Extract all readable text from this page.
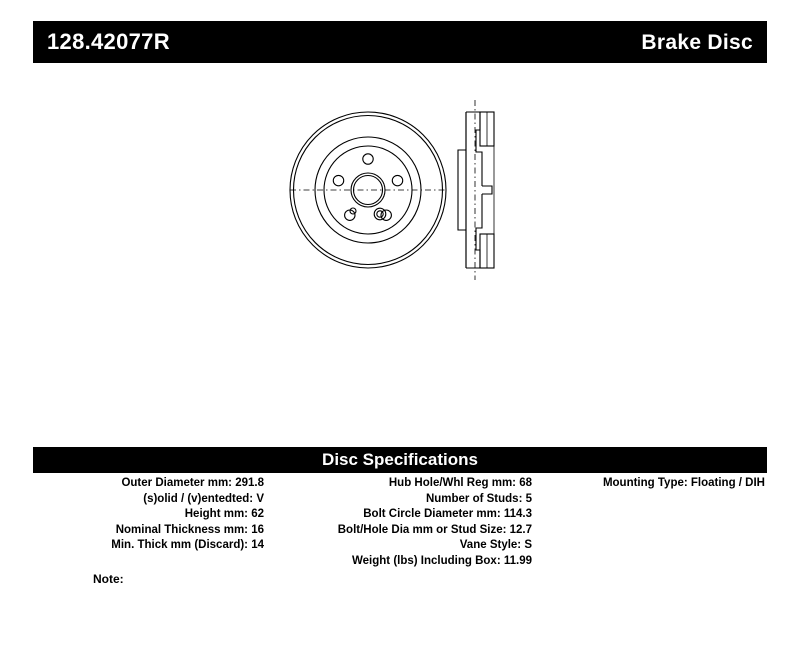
128.42077R	Brake Disc
Disc Specifications
Outer Diameter mm: 291.8
(s)olid / (v)entedted: V
Height mm: 62
Nominal Thickness mm: 16
Min. Thick mm (Discard): 14
Hub Hole/Whl Reg mm: 68
Number of Studs: 5
Bolt Circle Diameter mm: 114.3
Bolt/Hole Dia mm or Stud Size: 12.7
Vane Style: S
Weight (lbs) Including Box: 11.99
Mounting Type: Floating / DIH
Note:
